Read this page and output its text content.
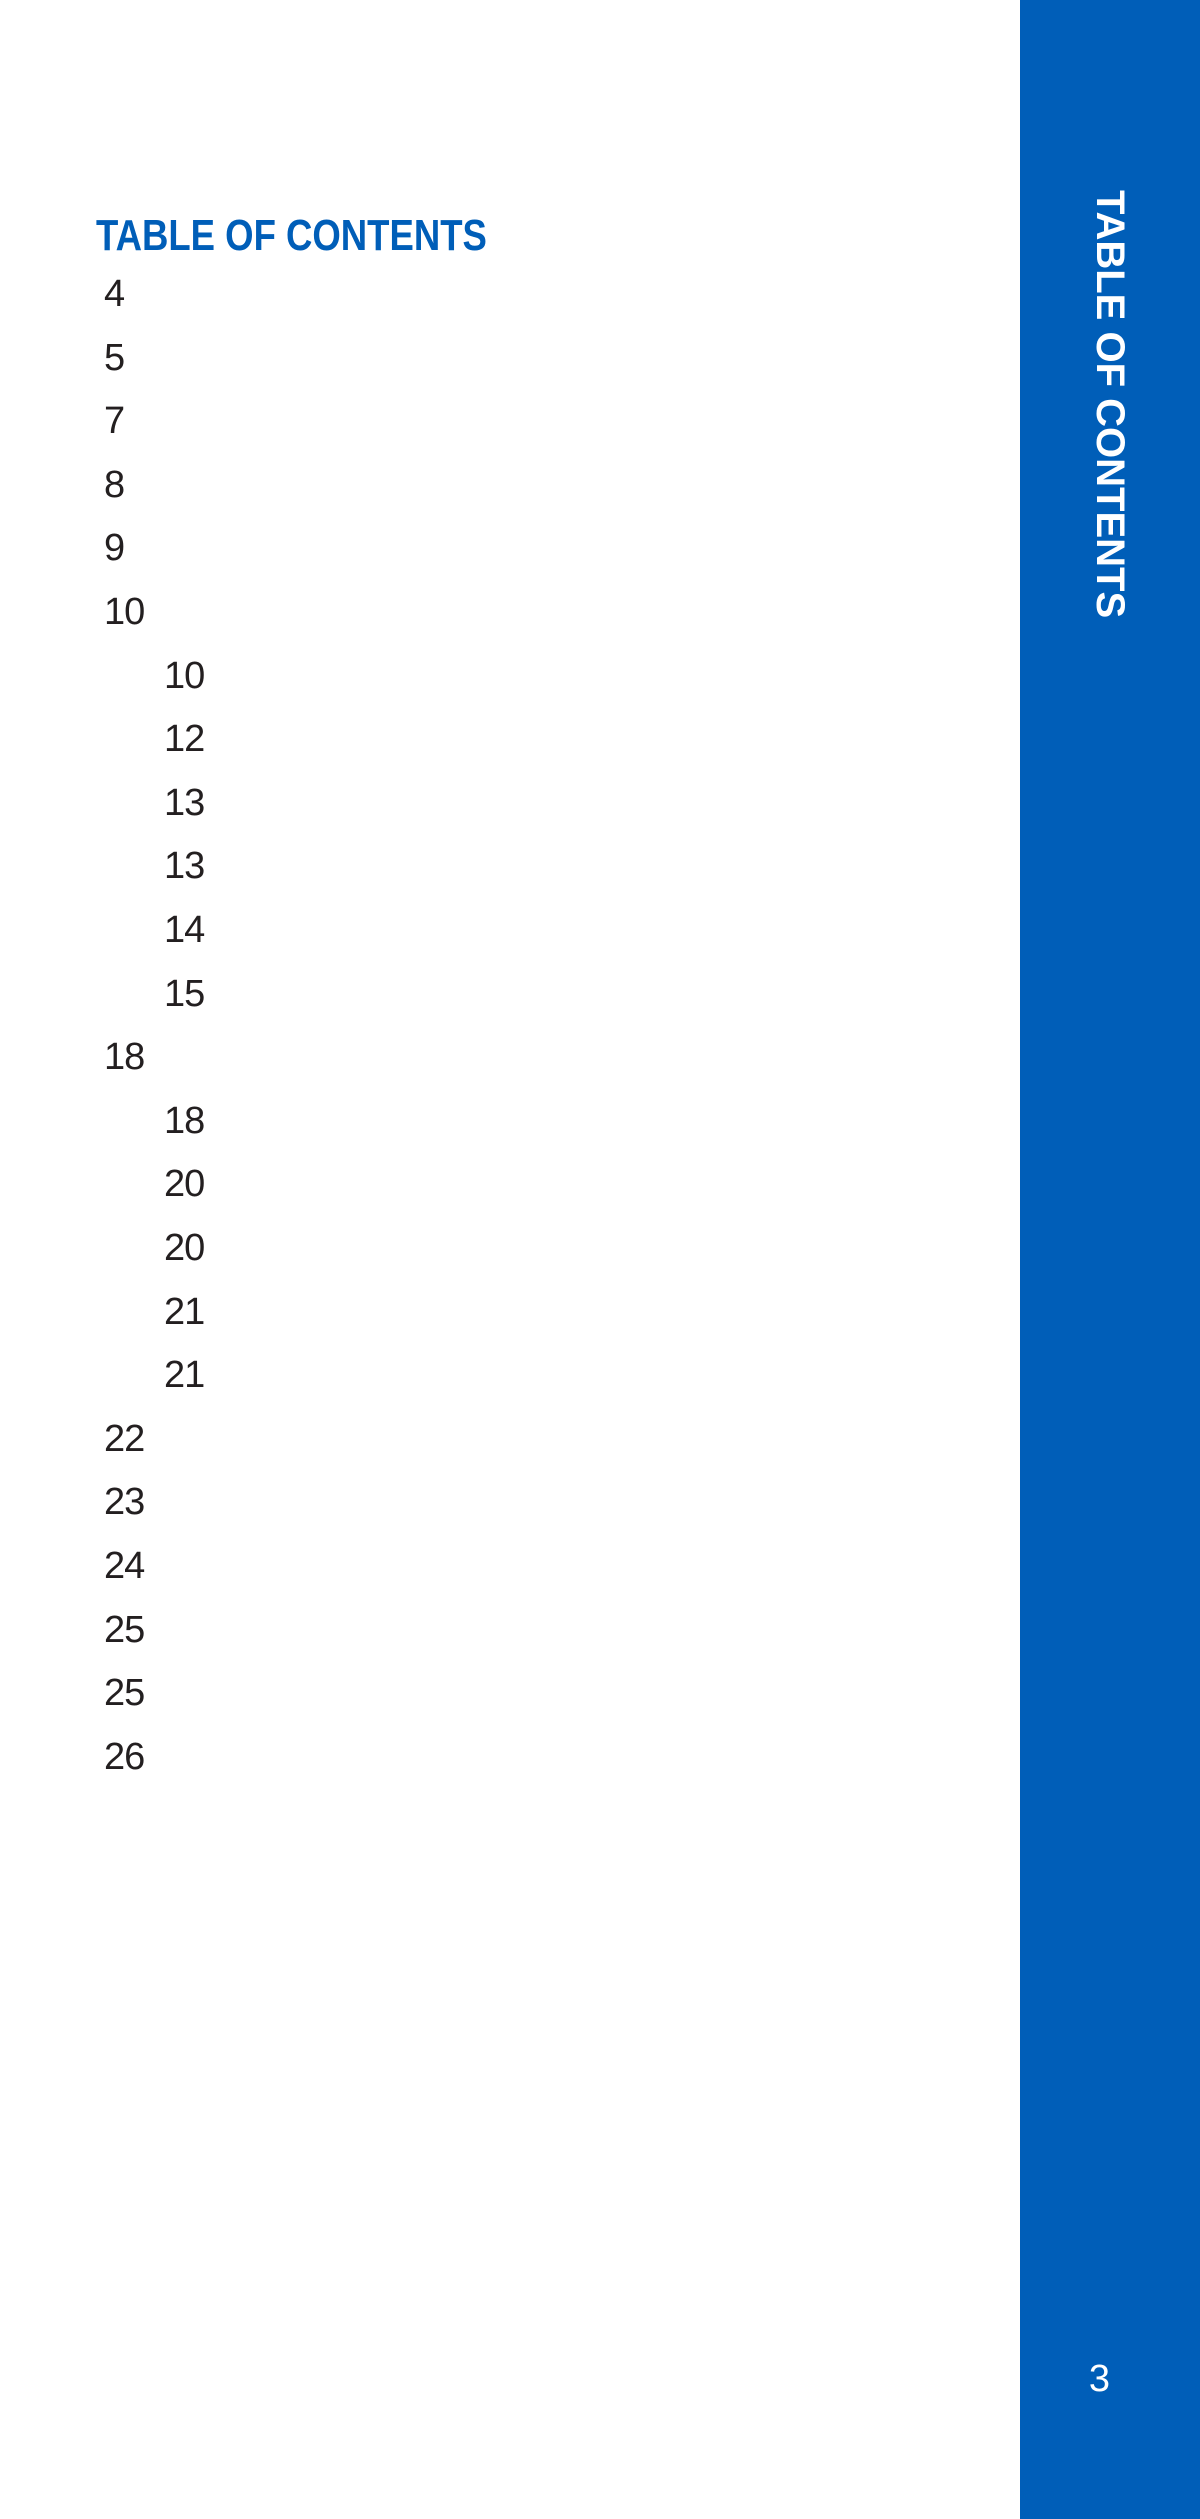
TABLE OF CONTENTS
4
5
7
8
9
10
10
12
13
13
14
15
18
18
20
20
21
21
22
23
24
25
25
26
TABLE OF CONTENTS
3
